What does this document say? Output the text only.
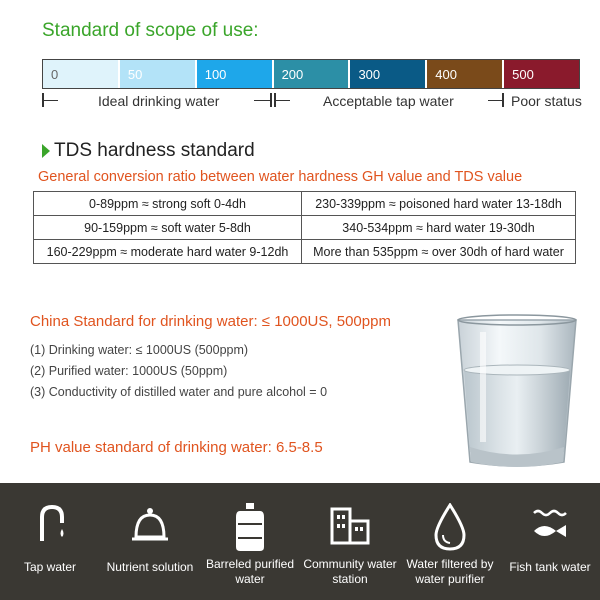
Standard of scope of use:
0	50	100	200	300	400	500
Ideal drinking water	Acceptable tap water	Poor status
TDS hardness standard
General conversion ratio between water hardness GH value and TDS value
0-89ppm ≈ strong soft 0-4dh	230-339ppm ≈ poisoned hard water 13-18dh
90-159ppm ≈ soft water 5-8dh	340-534ppm ≈ hard water 19-30dh
160-229ppm ≈ moderate hard water 9-12dh	More than 535ppm ≈ over 30dh of hard water
China Standard for drinking water: ≤ 1000US, 500ppm
(1) Drinking water: ≤ 1000US (500ppm)
(2) Purified water: 1000US (50ppm)
(3) Conductivity of distilled water and pure alcohol = 0
PH value standard of drinking water: 6.5-8.5
Tap water	Nutrient solution	Barreled purified water
Community water station
Water filtered by water purifier
Fish tank water
